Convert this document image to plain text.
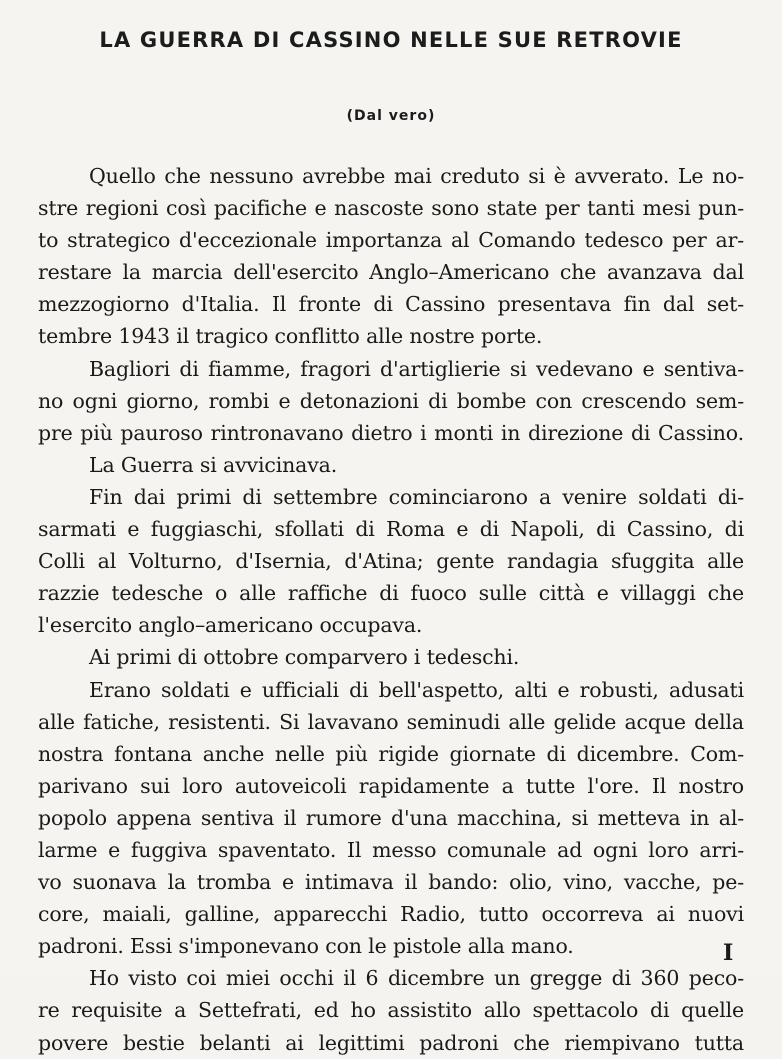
LA GUERRA DI CASSINO NELLE SUE RETROVIE
(Dal vero)
Quello che nessuno avrebbe mai creduto si è avverato. Le no-
stre regioni così pacifiche e nascoste sono state per tanti mesi pun-
to strategico d'eccezionale importanza al Comando tedesco per ar-
restare la marcia dell'esercito Anglo–Americano che avanzava dal
mezzogiorno d'Italia. Il fronte di Cassino presentava fin dal set-
tembre 1943 il tragico conflitto alle nostre porte.
Bagliori di fiamme, fragori d'artiglierie si vedevano e sentiva-
no ogni giorno, rombi e detonazioni di bombe con crescendo sem-
pre più pauroso rintronavano dietro i monti in direzione di Cassino.
La Guerra si avvicinava.
Fin dai primi di settembre cominciarono a venire soldati di-
sarmati e fuggiaschi, sfollati di Roma e di Napoli, di Cassino, di
Colli al Volturno, d'Isernia, d'Atina; gente randagia sfuggita alle
razzie tedesche o alle raffiche di fuoco sulle città e villaggi che
l'esercito anglo–americano occupava.
Ai primi di ottobre comparvero i tedeschi.
Erano soldati e ufficiali di bell'aspetto, alti e robusti, adusati
alle fatiche, resistenti. Si lavavano seminudi alle gelide acque della
nostra fontana anche nelle più rigide giornate di dicembre. Com-
parivano sui loro autoveicoli rapidamente a tutte l'ore. Il nostro
popolo appena sentiva il rumore d'una macchina, si metteva in al-
larme e fuggiva spaventato. Il messo comunale ad ogni loro arri-
vo suonava la tromba e intimava il bando: olio, vino, vacche, pe-
core, maiali, galline, apparecchi Radio, tutto occorreva ai nuovi
padroni. Essi s'imponevano con le pistole alla mano.
Ho visto coi miei occhi il 6 dicembre un gregge di 360 peco-
re requisite a Settefrati, ed ho assistito allo spettacolo di quelle
povere bestie belanti ai legittimi padroni che riempivano tutta
I
